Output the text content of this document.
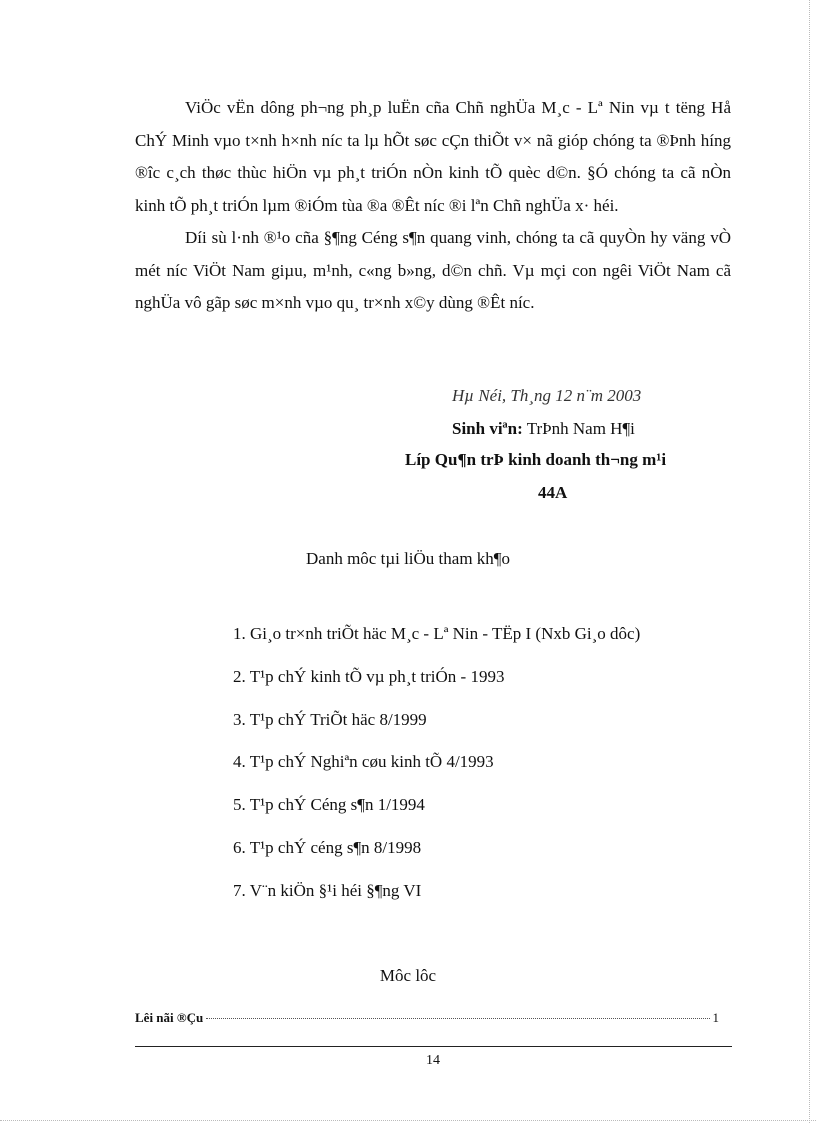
ViÖc vËn dông ph¬ng ph¸p luËn cña Chñ nghÜa M¸c - Lª Nin vµ t tëng Hå ChÝ Minh vµo t×nh h×nh níc ta lµ hÕt søc cÇn thiÕt v× nã gióp chóng ta ®Þnh híng ®îc c¸ch thøc thùc hiÖn vµ ph¸t triÓn nÒn kinh tÕ quèc d©n. §Ó chóng ta cã nÒn kinh tÕ ph¸t triÓn lµm ®iÓm tùa ®a ®Êt níc ®i lªn Chñ nghÜa x· héi.

Díi sù l·nh ®¹o cña §¶ng Céng s¶n quang vinh, chóng ta cã quyÒn hy väng vÒ mét níc ViÖt Nam giµu, m¹nh, c«ng b»ng, d©n chñ. Vµ mçi con ngêi ViÖt Nam cã nghÜa vô gãp søc m×nh vµo qu¸ tr×nh x©y dùng ®Êt níc.

Hµ Néi, Th¸ng 12 n¨m 2003
Sinh viªn: TrÞnh Nam H¶i
Líp Qu¶n trÞ kinh doanh th¬ng m¹i
44A
Danh môc tµi liÖu tham kh¶o
1. Gi¸o tr×nh triÕt häc M¸c - Lª Nin - TËp I (Nxb Gi¸o dôc)
2. T¹p chÝ kinh tÕ vµ ph¸t triÓn - 1993
3. T¹p chÝ TriÕt häc 8/1999
4. T¹p chÝ Nghiªn cøu kinh tÕ 4/1993
5. T¹p chÝ Céng s¶n 1/1994
6. T¹p chÝ céng s¶n 8/1998
7. V¨n kiÖn §¹i héi §¶ng VI
Môc lôc
Lêi nãi ®Çu	1
14
